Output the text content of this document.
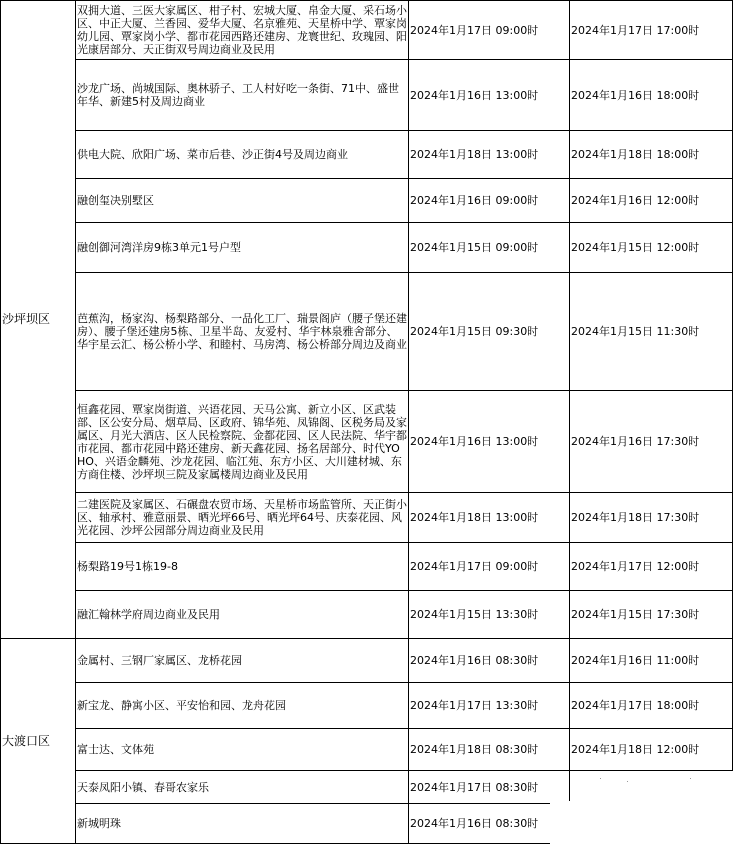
沙坪坝区	双拥大道、三医大家属区、柑子村、宏城大厦、帛金大厦、采石场小区、中正大厦、兰香园、爱华大厦、名京雅苑、天星桥中学、覃家岗幼儿园、覃家岗小学、都市花园西路还建房、龙寰世纪、玫瑰园、阳光康居部分、天正街双号周边商业及民用	2024年1月17日 09:00时	2024年1月17日 17:00时
	沙龙广场、尚城国际、奥林骄子、工人村好吃一条街、71中、盛世年华、新建5村及周边商业	2024年1月16日 13:00时	2024年1月16日 18:00时
	供电大院、欣阳广场、菜市后巷、沙正街4号及周边商业	2024年1月18日 13:00时	2024年1月18日 18:00时
	融创玺决别墅区	2024年1月16日 09:00时	2024年1月16日 12:00时
	融创御河湾洋房9栋3单元1号户型	2024年1月15日 09:00时	2024年1月15日 12:00时
	芭蕉沟，杨家沟、杨梨路部分、一品化工厂、瑞景阁庐（腰子堡还建房）、腰子堡还建房5栋、卫星半岛、友爱村、华宇林泉雅舍部分、华宇星云汇、杨公桥小学、和睦村、马房湾、杨公桥部分周边及商业	2024年1月15日 09:30时	2024年1月15日 11:30时
	恒鑫花园、覃家岗街道、兴语花园、天马公寓、新立小区、区武装部、区公安分局、烟草局、区政府、锦华苑、凤锦阁、区税务局及家属区、月光大酒店、区人民检察院、金都花园、区人民法院、华宇都市花园、都市花园中路还建房、新天鑫花园、扬名居部分、时代YOHO、兴语金麟苑、沙龙花园、临江苑、东方小区、大川建材城、东方商住楼、沙坪坝三院及家属楼周边商业及民用	2024年1月16日 13:00时	2024年1月16日 17:30时
	二建医院及家属区、石碾盘农贸市场、天星桥市场监管所、天正街小区、轴承村、雅意丽景、晒光坪66号、晒光坪64号、庆泰花园、风光花园、沙坪公园部分周边商业及民用	2024年1月18日 13:00时	2024年1月18日 17:30时
	杨梨路19号1栋19-8	2024年1月17日 09:00时	2024年1月17日 12:00时
	融汇翰林学府周边商业及民用	2024年1月15日 13:30时	2024年1月15日 17:30时
大渡口区	金属村、三钢厂家属区、龙桥花园	2024年1月16日 08:30时	2024年1月16日 11:00时
	新宝龙、静寓小区、平安怡和园、龙舟花园	2024年1月17日 13:30时	2024年1月17日 18:00时
	富士达、文体苑	2024年1月18日 08:30时	2024年1月18日 12:00时
	天泰凤阳小镇、春哥农家乐	2024年1月17日 08:30时	
	新城明珠	2024年1月16日 08:30时	
